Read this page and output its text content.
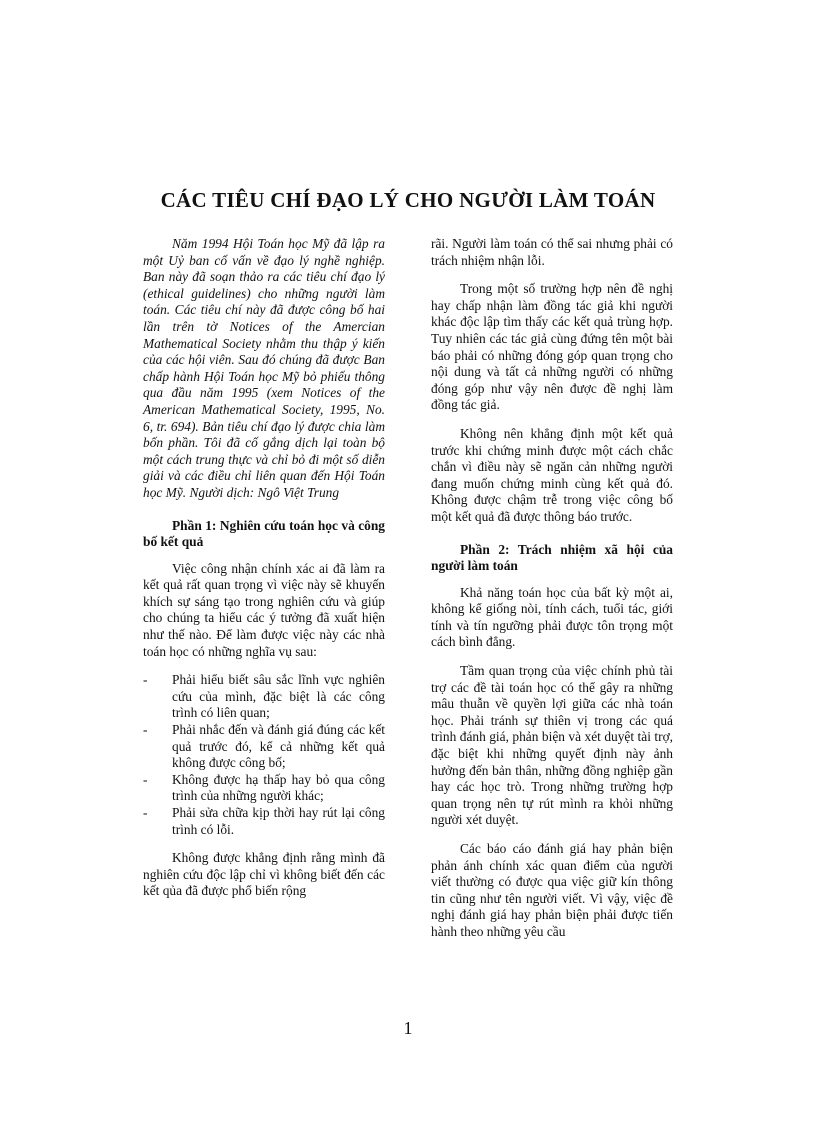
CÁC TIÊU CHÍ ĐẠO LÝ CHO NGƯỜI LÀM TOÁN

Năm 1994 Hội Toán học Mỹ đã lập ra một Uỷ ban cố vấn về đạo lý nghề nghiệp. Ban này đã soạn thảo ra các tiêu chí đạo lý (ethical guidelines) cho những người làm toán. Các tiêu chí này đã được công bố hai lần trên tờ Notices of the Amercian Mathematical Society nhằm thu thập ý kiến của các hội viên. Sau đó chúng đã được Ban chấp hành Hội Toán học Mỹ bỏ phiếu thông qua đầu năm 1995 (xem Notices of the American Mathematical Society, 1995, No. 6, tr. 694). Bản tiêu chí đạo lý được chia làm bốn phần. Tôi đã cố gắng dịch lại toàn bộ một cách trung thực và chỉ bỏ đi một số diễn giải và các điều chỉ liên quan đến Hội Toán học Mỹ. Người dịch: Ngô Việt Trung

Phần 1: Nghiên cứu toán học và công bố kết quả

Việc công nhận chính xác ai đã làm ra kết quả rất quan trọng vì việc này sẽ khuyến khích sự sáng tạo trong nghiên cứu và giúp cho chúng ta hiểu các ý tưởng đã xuất hiện như thế nào. Để làm được việc này các nhà toán học có những nghĩa vụ sau:

- Phải hiểu biết sâu sắc lĩnh vực nghiên cứu của mình, đặc biệt là các công trình có liên quan;
- Phải nhắc đến và đánh giá đúng các kết quả trước đó, kể cả những kết quả không được công bố;
- Không được hạ thấp hay bỏ qua công trình của những người khác;
- Phải sửa chữa kịp thời hay rút lại công trình có lỗi.

Không được khẳng định rằng mình đã nghiên cứu độc lập chỉ vì không biết đến các kết qủa đã được phổ biến rộng

rãi. Người làm toán có thể sai nhưng phải có trách nhiệm nhận lỗi.

Trong một số trường hợp nên đề nghị hay chấp nhận làm đồng tác giả khi người khác độc lập tìm thấy các kết quả trùng hợp. Tuy nhiên các tác giả cùng đứng tên một bài báo phải có những đóng góp quan trọng cho nội dung và tất cả những người có những đóng góp như vậy nên được đề nghị làm đồng tác giả.

Không nên khẳng định một kết quả trước khi chứng minh được một cách chắc chắn vì điều này sẽ ngăn cản những người đang muốn chứng minh cùng kết quả đó. Không được chậm trễ trong việc công bố một kết quả đã được thông báo trước.

Phần 2: Trách nhiệm xã hội của người làm toán

Khả năng toán học của bất kỳ một ai, không kể giống nòi, tính cách, tuổi tác, giới tính và tín ngưỡng phải được tôn trọng một cách bình đẳng.

Tầm quan trọng của việc chính phủ tài trợ các đề tài toán học có thể gây ra những mâu thuẫn về quyền lợi giữa các nhà toán học. Phải tránh sự thiên vị trong các quá trình đánh giá, phản biện và xét duyệt tài trợ, đặc biệt khi những quyết định này ảnh hưởng đến bản thân, những đồng nghiệp gần hay các học trò. Trong những trường hợp quan trọng nên tự rút mình ra khỏi những người xét duyệt.

Các báo cáo đánh giá hay phản biện phản ánh chính xác quan điểm của người viết thường có được qua việc giữ kín thông tin cũng như tên người viết. Vì vậy, việc đề nghị đánh giá hay phản biện phải được tiến hành theo những yêu cầu

1
